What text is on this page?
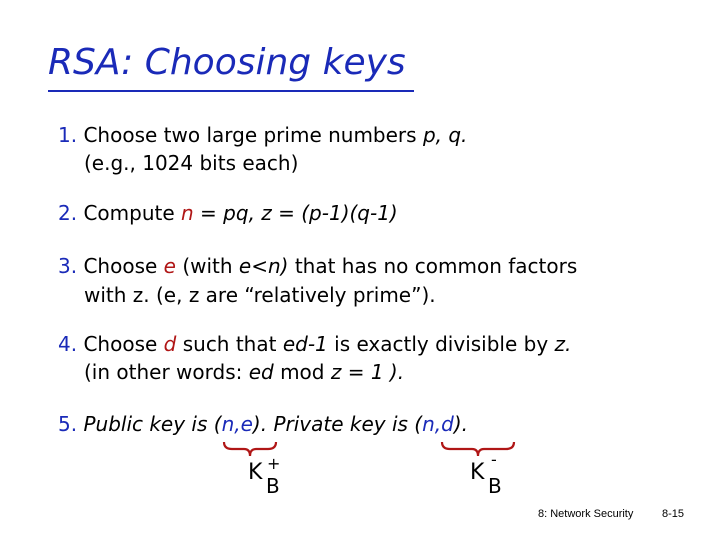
RSA: Choosing keys
1. Choose two large prime numbers p, q.
(e.g., 1024 bits each)
2. Compute n = pq, z = (p-1)(q-1)
3. Choose e (with e<n) that has no common factors
with z. (e, z are “relatively prime”).
4. Choose d such that ed-1 is exactly divisible by z.
(in other words: ed mod z = 1 ).
5. Public key is (n,e). Private key is (n,d).
K +
B
K
-
B
8: Network Security	8-15
